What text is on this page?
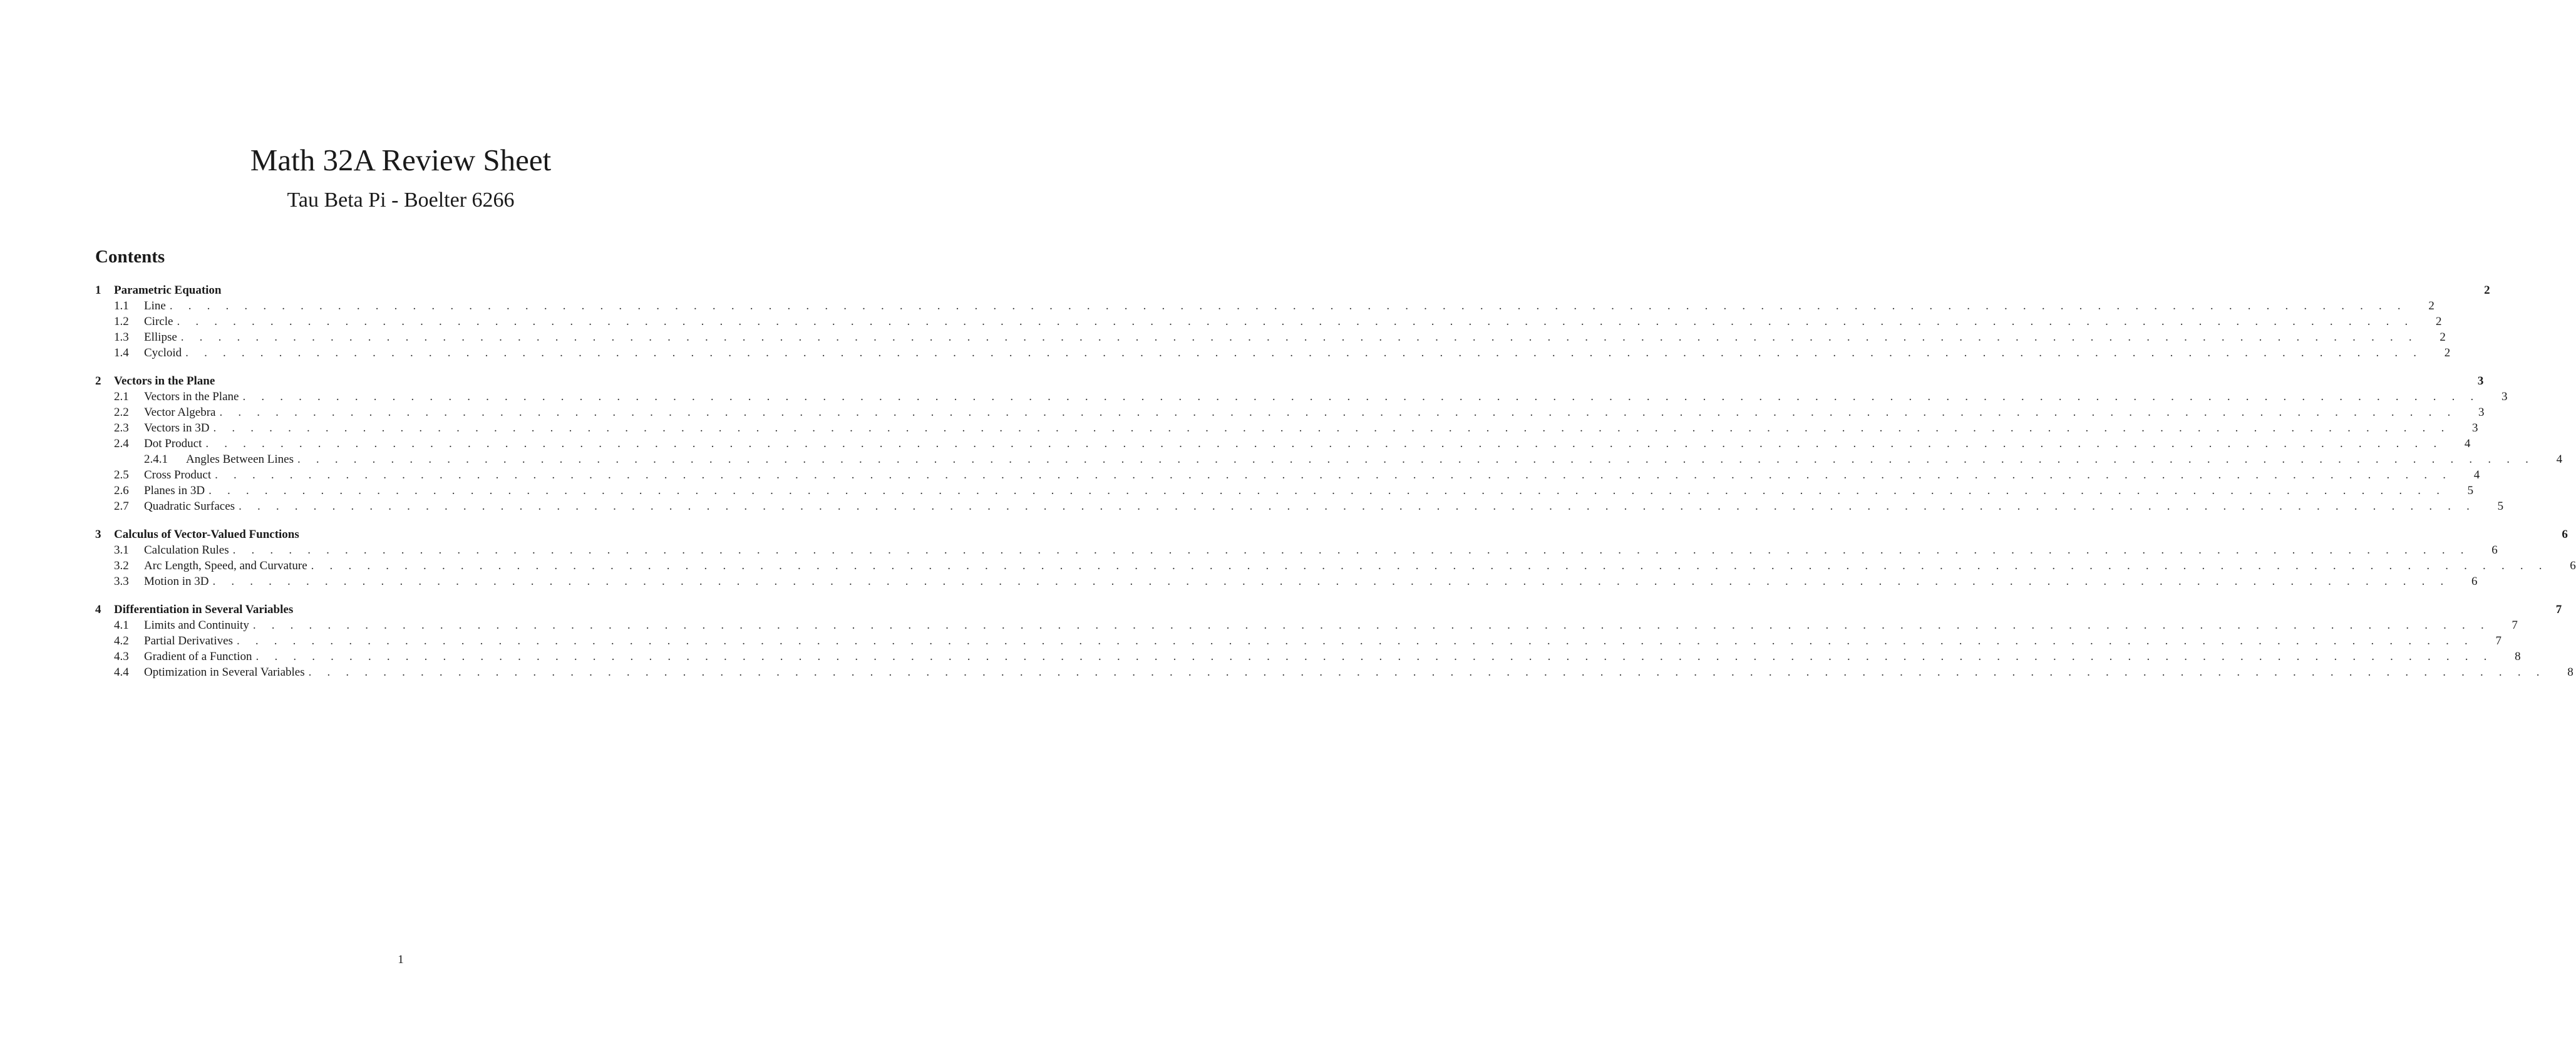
Math 32A Review Sheet
Tau Beta Pi - Boelter 6266
Contents
1	Parametric Equation	2
1.1	Line . . . . . . . . . . . . . . . . . . . . . . . . . . . . . . . . . . . . . . . . . . . . . . . . . . . . . . . . . . . . . . . . . . . . . . . . . . . . . . . . . . . . . . . . . . . . . . . . . . . . . . . . . . . . . . . . . . . . . . . .	2
1.2	Circle . . . . . . . . . . . . . . . . . . . . . . . . . . . . . . . . . . . . . . . . . . . . . . . . . . . . . . . . . . . . . . . . . . . . . . . . . . . . . . . . . . . . . . . . . . . . . . . . . . . . . . . . . . . . . . . . . . . . . . . .	2
1.3	Ellipse . . . . . . . . . . . . . . . . . . . . . . . . . . . . . . . . . . . . . . . . . . . . . . . . . . . . . . . . . . . . . . . . . . . . . . . . . . . . . . . . . . . . . . . . . . . . . . . . . . . . . . . . . . . . . . . . . . . . . . . .	2
1.4	Cycloid . . . . . . . . . . . . . . . . . . . . . . . . . . . . . . . . . . . . . . . . . . . . . . . . . . . . . . . . . . . . . . . . . . . . . . . . . . . . . . . . . . . . . . . . . . . . . . . . . . . . . . . . . . . . . . . . . . . . . . . .	2
2	Vectors in the Plane	3
2.1	Vectors in the Plane . . . . . . . . . . . . . . . . . . . . . . . . . . . . . . . . . . . . . . . . . . . . . . . . . . . . . . . . . . . . . . . . . . . . . . . . . . . . . . . . . . . . . . . . . . . . . . . . . . . . . . . . . . . . . . . . . . . . . . . .	3
2.2	Vector Algebra . . . . . . . . . . . . . . . . . . . . . . . . . . . . . . . . . . . . . . . . . . . . . . . . . . . . . . . . . . . . . . . . . . . . . . . . . . . . . . . . . . . . . . . . . . . . . . . . . . . . . . . . . . . . . . . . . . . . . . . .	3
2.3	Vectors in 3D . . . . . . . . . . . . . . . . . . . . . . . . . . . . . . . . . . . . . . . . . . . . . . . . . . . . . . . . . . . . . . . . . . . . . . . . . . . . . . . . . . . . . . . . . . . . . . . . . . . . . . . . . . . . . . . . . . . . . . . .	3
2.4	Dot Product . . . . . . . . . . . . . . . . . . . . . . . . . . . . . . . . . . . . . . . . . . . . . . . . . . . . . . . . . . . . . . . . . . . . . . . . . . . . . . . . . . . . . . . . . . . . . . . . . . . . . . . . . . . . . . . . . . . . . . . .	4
2.4.1	Angles Between Lines . . . . . . . . . . . . . . . . . . . . . . . . . . . . . . . . . . . . . . . . . . . . . . . . . . . . . . . . . . . . . . . . . . . . . . . . . . . . . . . . . . . . . . . . . . . . . . . . . . . . . . . . . . . . . . . . . . . . . . . .	4
2.5	Cross Product . . . . . . . . . . . . . . . . . . . . . . . . . . . . . . . . . . . . . . . . . . . . . . . . . . . . . . . . . . . . . . . . . . . . . . . . . . . . . . . . . . . . . . . . . . . . . . . . . . . . . . . . . . . . . . . . . . . . . . . .	4
2.6	Planes in 3D . . . . . . . . . . . . . . . . . . . . . . . . . . . . . . . . . . . . . . . . . . . . . . . . . . . . . . . . . . . . . . . . . . . . . . . . . . . . . . . . . . . . . . . . . . . . . . . . . . . . . . . . . . . . . . . . . . . . . . . .	5
2.7	Quadratic Surfaces . . . . . . . . . . . . . . . . . . . . . . . . . . . . . . . . . . . . . . . . . . . . . . . . . . . . . . . . . . . . . . . . . . . . . . . . . . . . . . . . . . . . . . . . . . . . . . . . . . . . . . . . . . . . . . . . . . . . . . . .	5
3	Calculus of Vector-Valued Functions	6
3.1	Calculation Rules . . . . . . . . . . . . . . . . . . . . . . . . . . . . . . . . . . . . . . . . . . . . . . . . . . . . . . . . . . . . . . . . . . . . . . . . . . . . . . . . . . . . . . . . . . . . . . . . . . . . . . . . . . . . . . . . . . . . . . . .	6
3.2	Arc Length, Speed, and Curvature . . . . . . . . . . . . . . . . . . . . . . . . . . . . . . . . . . . . . . . . . . . . . . . . . . . . . . . . . . . . . . . . . . . . . . . . . . . . . . . . . . . . . . . . . . . . . . . . . . . . . . . . . . . . . . . . . . . . . . . .	6
3.3	Motion in 3D . . . . . . . . . . . . . . . . . . . . . . . . . . . . . . . . . . . . . . . . . . . . . . . . . . . . . . . . . . . . . . . . . . . . . . . . . . . . . . . . . . . . . . . . . . . . . . . . . . . . . . . . . . . . . . . . . . . . . . . .	6
4	Differentiation in Several Variables	7
4.1	Limits and Continuity . . . . . . . . . . . . . . . . . . . . . . . . . . . . . . . . . . . . . . . . . . . . . . . . . . . . . . . . . . . . . . . . . . . . . . . . . . . . . . . . . . . . . . . . . . . . . . . . . . . . . . . . . . . . . . . . . . . . . . . .	7
4.2	Partial Derivatives . . . . . . . . . . . . . . . . . . . . . . . . . . . . . . . . . . . . . . . . . . . . . . . . . . . . . . . . . . . . . . . . . . . . . . . . . . . . . . . . . . . . . . . . . . . . . . . . . . . . . . . . . . . . . . . . . . . . . . . .	7
4.3	Gradient of a Function . . . . . . . . . . . . . . . . . . . . . . . . . . . . . . . . . . . . . . . . . . . . . . . . . . . . . . . . . . . . . . . . . . . . . . . . . . . . . . . . . . . . . . . . . . . . . . . . . . . . . . . . . . . . . . . . . . . . . . . .	8
4.4	Optimization in Several Variables . . . . . . . . . . . . . . . . . . . . . . . . . . . . . . . . . . . . . . . . . . . . . . . . . . . . . . . . . . . . . . . . . . . . . . . . . . . . . . . . . . . . . . . . . . . . . . . . . . . . . . . . . . . . . . . . . . . . . . . .	8
1
